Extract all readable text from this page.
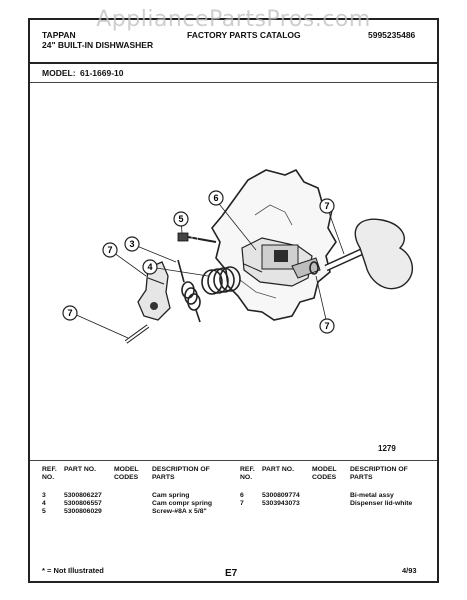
AppliancePartsPros.com
TAPPAN
24" BUILT-IN DISHWASHER
FACTORY PARTS CATALOG	5995235486
MODEL: 61-1669-10
7
3
4
5
6
7
7
7
1279
REF. NO.	PART NO.	MODEL CODES	DESCRIPTION OF PARTS

3	5300806227		Cam spring
4	5300806557		Cam compr spring
5	5300806029		Screw-#8A x 5/8"
REF. NO.	PART NO.	MODEL CODES	DESCRIPTION OF PARTS

6	5300809774		Bi-metal assy
7	5303943073		Dispenser lid-white
* = Not Illustrated	E7	4/93
